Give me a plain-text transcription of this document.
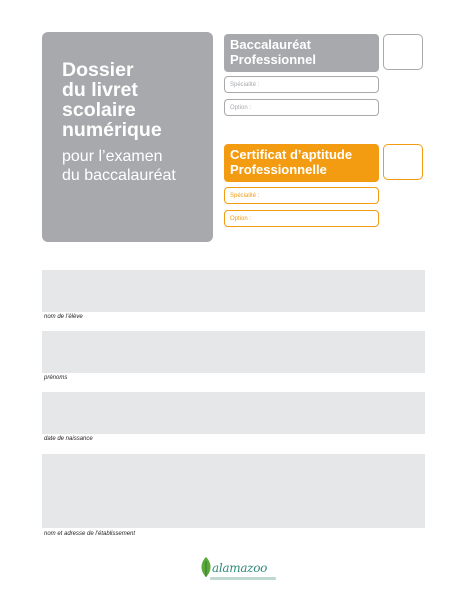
Dossier
du livret
scolaire
numérique
pour l’examen
du baccalauréat
Baccalauréat
Professionnel
Spécialité :
Option :
Certificat d’aptitude
Professionnelle
Spécialité :
Option :
nom de l’élève
prénoms
date de naissance
nom et adresse de l’établissement
alamazoo
